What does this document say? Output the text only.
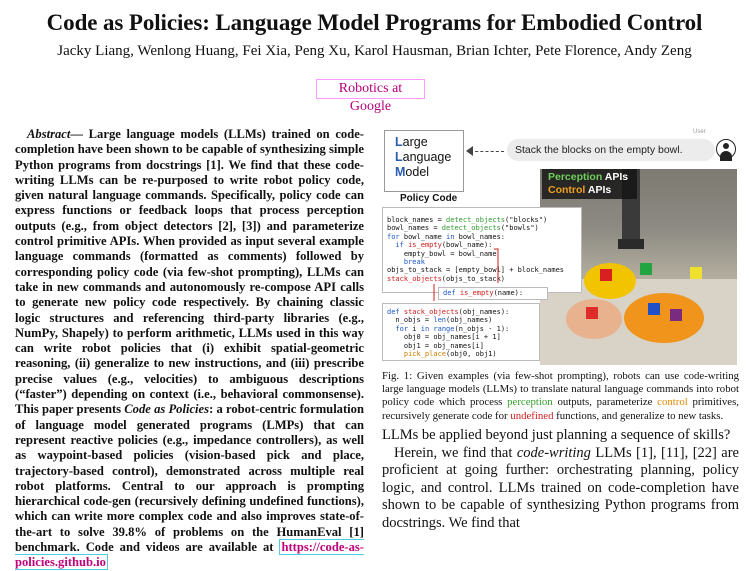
Code as Policies: Language Model Programs for Embodied Control
Jacky Liang, Wenlong Huang, Fei Xia, Peng Xu, Karol Hausman, Brian Ichter, Pete Florence, Andy Zeng
Robotics at Google
Abstract— Large language models (LLMs) trained on code-completion have been shown to be capable of synthesizing simple Python programs from docstrings [1]. We find that these code-writing LLMs can be re-purposed to write robot policy code, given natural language commands. Specifically, policy code can express functions or feedback loops that process perception outputs (e.g., from object detectors [2], [3]) and parameterize control primitive APIs. When provided as input several example language commands (formatted as comments) followed by corresponding policy code (via few-shot prompting), LLMs can take in new commands and autonomously re-compose API calls to generate new policy code respectively. By chaining classic logic structures and referencing third-party libraries (e.g., NumPy, Shapely) to perform arithmetic, LLMs used in this way can write robot policies that (i) exhibit spatial-geometric reasoning, (ii) generalize to new instructions, and (iii) prescribe precise values (e.g., velocities) to ambiguous descriptions (“faster”) depending on context (i.e., behavioral commonsense). This paper presents Code as Policies: a robot-centric formulation of language model generated programs (LMPs) that can represent reactive policies (e.g., impedance controllers), as well as waypoint-based policies (vision-based pick and place, trajectory-based control), demonstrated across multiple real robot platforms. Central to our approach is prompting hierarchical code-gen (recursively defining undefined functions), which can write more complex code and also improves state-of-the-art to solve 39.8% of problems on the HumanEval [1] benchmark. Code and videos are available at https://code-as-policies.github.io
User
Large
Language
Model
Stack the blocks on the empty bowl.
Policy Code
Perception APIs
Control APIs
block_names = detect_objects("blocks")
bowl_names = detect_objects("bowls")
for bowl_name in bowl_names:
if is_empty(bowl_name):
empty_bowl = bowl_name
break
objs_to_stack = [empty_bowl] + block_names
stack_objects(objs_to_stack)
def is_empty(name):
def stack_objects(obj_names):
n_objs = len(obj_names)
for i in range(n_objs - 1):
obj0 = obj_names[i + 1]
obj1 = obj_names[i]
pick_place(obj0, obj1)
Fig. 1: Given examples (via few-shot prompting), robots can use code-writing large language models (LLMs) to translate natural language commands into robot policy code which process perception outputs, parameterize control primitives, recursively generate code for undefined functions, and generalize to new tasks.
LLMs be applied beyond just planning a sequence of skills?
Herein, we find that code-writing LLMs [1], [11], [22] are proficient at going further: orchestrating planning, policy logic, and control. LLMs trained on code-completion have shown to be capable of synthesizing Python programs from docstrings. We find that
